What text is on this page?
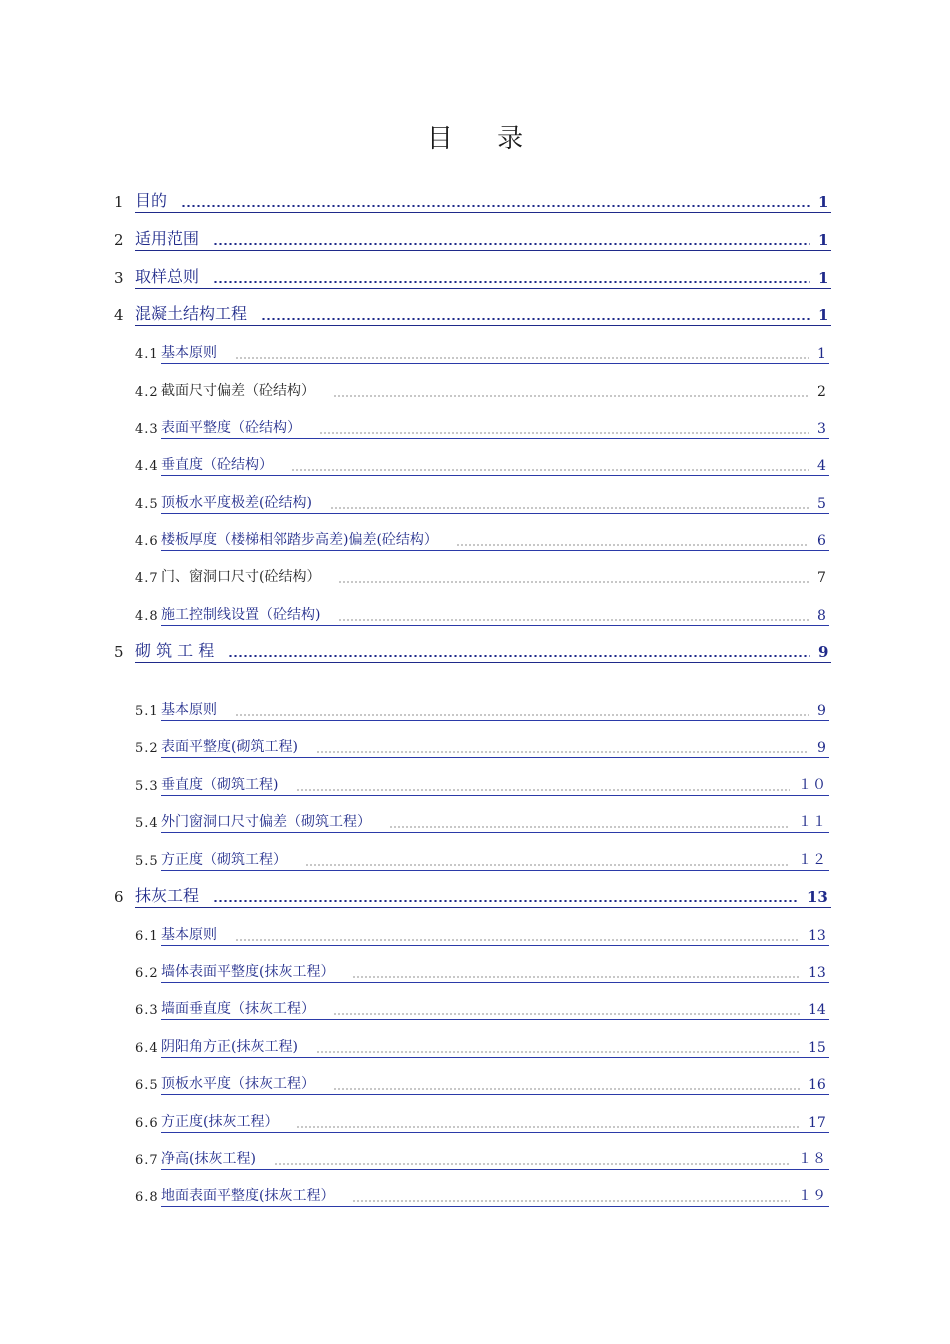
目 录
1 目的	1
2 适用范围	1
3 取样总则	1
4 混凝土结构工程	1
4.1 基本原则	1
4.2 截面尺寸偏差（砼结构）	2
4.3 表面平整度（砼结构）	3
4.4 垂直度（砼结构）	4
4.5 顶板水平度极差(砼结构)	5
4.6 楼板厚度（楼梯相邻踏步高差)偏差(砼结构）	6
4.7 门、窗洞口尺寸(砼结构）	7
4.8 施工控制线设置（砼结构)	8
5 砌 筑 工 程	9
5.1 基本原则	9
5.2 表面平整度(砌筑工程)	9
5.3 垂直度（砌筑工程)	１０
5.4 外门窗洞口尺寸偏差（砌筑工程）	１１
5.5 方正度（砌筑工程）	１２
6 抹灰工程	13
6.1 基本原则	13
6.2 墙体表面平整度(抹灰工程）	13
6.3 墙面垂直度（抹灰工程）	14
6.4 阴阳角方正(抹灰工程)	15
6.5 顶板水平度（抹灰工程）	16
6.6 方正度(抹灰工程）	17
6.7 净高(抹灰工程)	１８
6.8 地面表面平整度(抹灰工程）	１９
